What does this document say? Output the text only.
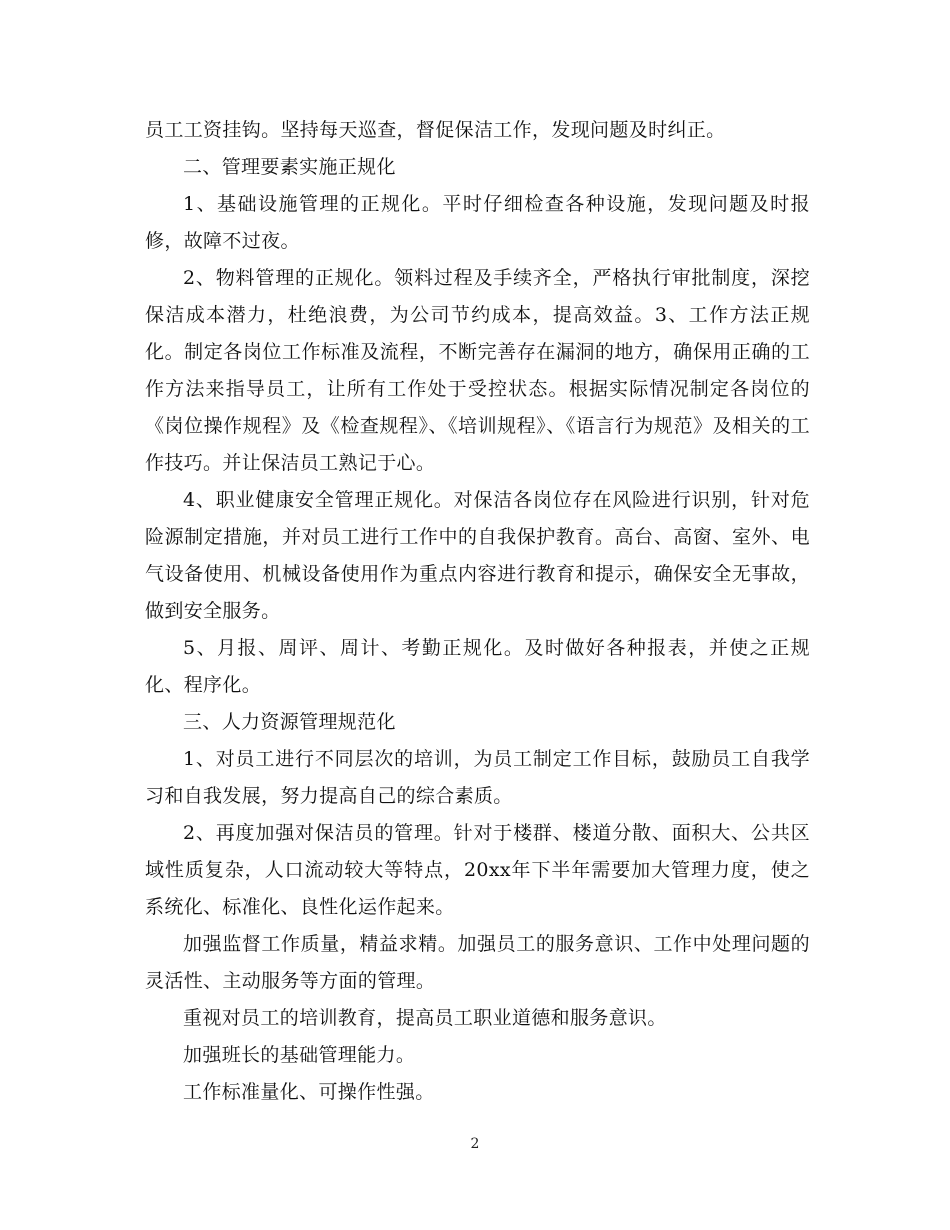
员工工资挂钩。坚持每天巡查，督促保洁工作，发现问题及时纠正。

二、管理要素实施正规化

1、基础设施管理的正规化。平时仔细检查各种设施，发现问题及时报修，故障不过夜。

2、物料管理的正规化。领料过程及手续齐全，严格执行审批制度，深挖保洁成本潜力，杜绝浪费，为公司节约成本，提高效益。3、工作方法正规化。制定各岗位工作标准及流程，不断完善存在漏洞的地方，确保用正确的工作方法来指导员工，让所有工作处于受控状态。根据实际情况制定各岗位的《岗位操作规程》及《检查规程》、《培训规程》、《语言行为规范》及相关的工作技巧。并让保洁员工熟记于心。

4、职业健康安全管理正规化。对保洁各岗位存在风险进行识别，针对危险源制定措施，并对员工进行工作中的自我保护教育。高台、高窗、室外、电气设备使用、机械设备使用作为重点内容进行教育和提示，确保安全无事故，做到安全服务。

5、月报、周评、周计、考勤正规化。及时做好各种报表，并使之正规化、程序化。

三、人力资源管理规范化

1、对员工进行不同层次的培训，为员工制定工作目标，鼓励员工自我学习和自我发展，努力提高自己的综合素质。

2、再度加强对保洁员的管理。针对于楼群、楼道分散、面积大、公共区域性质复杂，人口流动较大等特点，20xx年下半年需要加大管理力度，使之系统化、标准化、良性化运作起来。

加强监督工作质量，精益求精。加强员工的服务意识、工作中处理问题的灵活性、主动服务等方面的管理。

重视对员工的培训教育，提高员工职业道德和服务意识。

加强班长的基础管理能力。

工作标准量化、可操作性强。

2
